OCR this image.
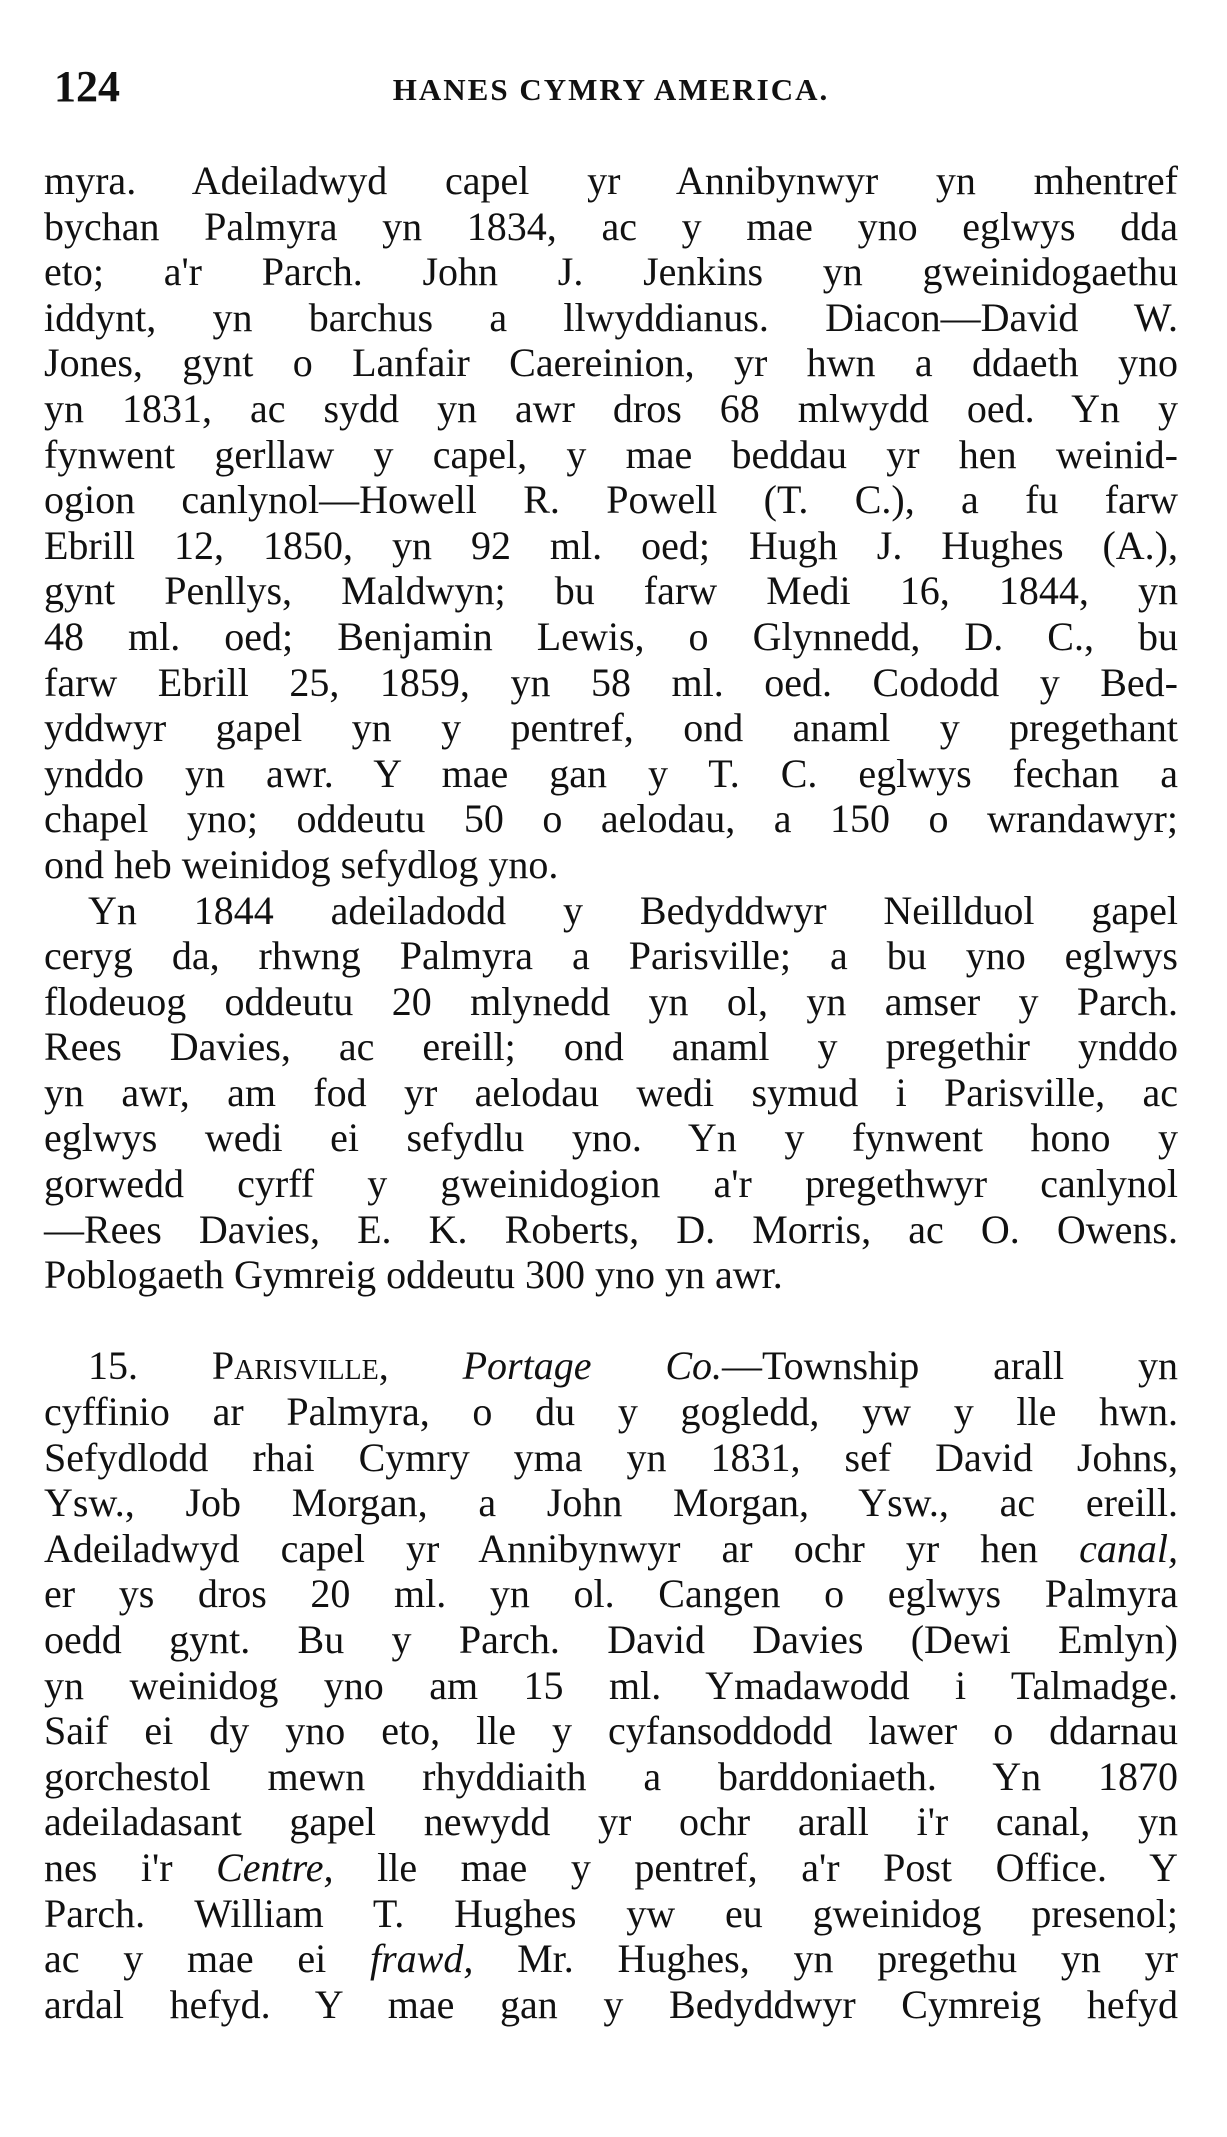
124	HANES CYMRY AMERICA.
myra. Adeiladwyd capel yr Annibynwyr yn mhentref
bychan Palmyra yn 1834, ac y mae yno eglwys dda
eto; a'r Parch. John J. Jenkins yn gweinidogaethu
iddynt, yn barchus a llwyddianus. Diacon—David W.
Jones, gynt o Lanfair Caereinion, yr hwn a ddaeth yno
yn 1831, ac sydd yn awr dros 68 mlwydd oed. Yn y
fynwent gerllaw y capel, y mae beddau yr hen weinid-
ogion canlynol—Howell R. Powell (T. C.), a fu farw
Ebrill 12, 1850, yn 92 ml. oed; Hugh J. Hughes (A.),
gynt Penllys, Maldwyn; bu farw Medi 16, 1844, yn
48 ml. oed; Benjamin Lewis, o Glynnedd, D. C., bu
farw Ebrill 25, 1859, yn 58 ml. oed. Cododd y Bed-
yddwyr gapel yn y pentref, ond anaml y pregethant
ynddo yn awr. Y mae gan y T. C. eglwys fechan a
chapel yno; oddeutu 50 o aelodau, a 150 o wrandawyr;
ond heb weinidog sefydlog yno.
Yn 1844 adeiladodd y Bedyddwyr Neillduol gapel
ceryg da, rhwng Palmyra a Parisville; a bu yno eglwys
flodeuog oddeutu 20 mlynedd yn ol, yn amser y Parch.
Rees Davies, ac ereill; ond anaml y pregethir ynddo
yn awr, am fod yr aelodau wedi symud i Parisville, ac
eglwys wedi ei sefydlu yno. Yn y fynwent hono y
gorwedd cyrff y gweinidogion a'r pregethwyr canlynol
—Rees Davies, E. K. Roberts, D. Morris, ac O. Owens.
Poblogaeth Gymreig oddeutu 300 yno yn awr.
15. Parisville, Portage Co.—Township arall yn
cyffinio ar Palmyra, o du y gogledd, yw y lle hwn.
Sefydlodd rhai Cymry yma yn 1831, sef David Johns,
Ysw., Job Morgan, a John Morgan, Ysw., ac ereill.
Adeiladwyd capel yr Annibynwyr ar ochr yr hen canal,
er ys dros 20 ml. yn ol. Cangen o eglwys Palmyra
oedd gynt. Bu y Parch. David Davies (Dewi Emlyn)
yn weinidog yno am 15 ml. Ymadawodd i Talmadge.
Saif ei dy yno eto, lle y cyfansoddodd lawer o ddarnau
gorchestol mewn rhyddiaith a barddoniaeth. Yn 1870
adeiladasant gapel newydd yr ochr arall i'r canal, yn
nes i'r Centre, lle mae y pentref, a'r Post Office. Y
Parch. William T. Hughes yw eu gweinidog presenol;
ac y mae ei frawd, Mr. Hughes, yn pregethu yn yr
ardal hefyd. Y mae gan y Bedyddwyr Cymreig hefyd
